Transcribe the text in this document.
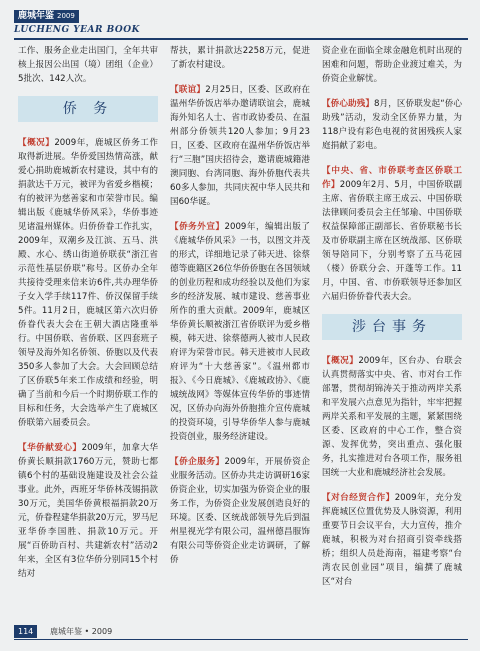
鹿城年鉴 2009
LUCHENG YEAR BOOK

工作、服务企业走出国门，全年共审核上报因公出国（境）团组（企业）5批次、142人次。

侨 务

【概况】2009年，鹿城区侨务工作取得新进展。华侨爱国热情高涨，献爱心捐助鹿城新农村建设，其中有的捐款达千万元，被评为省爱乡楷模；有的被评为慈善家和市荣誉市民。编辑出版《鹿城华侨风采》，华侨事迹见诸温州媒体。归侨侨眷工作扎实，2009年，双潮乡及江滨、五马、洪殿、水心、绣山街道侨联获“浙江省示范性基层侨联”称号。区侨办全年共接待受理来信来访6件,共办理华侨子女入学手续117件、侨汉保留手续5件。11月2日，鹿城区第六次归侨侨眷代表大会在王朝大酒店隆重举行。中国侨联、省侨联、区四套班子领导及海外知名侨领、侨胞以及代表350多人参加了大会。大会回顾总结了区侨联5年来工作成绩和经验，明确了当前和今后一个时期侨联工作的目标和任务，大会选举产生了鹿城区侨联第六届委员会。

【华侨献爱心】2009年，加拿大华侨黄长顺捐款1760万元，赞助七都镇6个村的基础设施建设及社会公益事业。此外，西班牙华侨林茂锡捐款30万元，美国华侨黄根福捐款20万元，侨眷程建华捐款20万元，罗马尼亚华侨李国胜、捐款10万元。开展“百侨助百村、共建新农村”活动2年来，全区有3位华侨分别同15个村结对

帮扶，累计捐款达2258万元，促进了新农村建设。

【联谊】2月25日，区委、区政府在温州华侨饭店举办邀请联谊会，鹿城海外知名人士、省市政协委员、在温州部分侨领共120人参加；9月23日，区委、区政府在温州华侨饭店举行“三胞”国庆招待会，邀请鹿城籍港澳同胞、台湾同胞、海外侨胞代表共60多人参加，共同庆祝中华人民共和国60华诞。

【侨务外宣】2009年，编辑出版了《鹿城华侨风采》一书，以图文并茂的形式，详细地记录了韩天进、徐蔡德等鹿籍区26位华侨侨胞在各国领域的创业历程和成功经验以及他们为家乡的经济发展、城市建设、慈善事业所作的重大贡献。2009年，鹿城区华侨黄长顺被浙江省侨联评为爱乡楷模，韩天进、徐蔡德两人被市人民政府评为荣誉市民。韩天进被市人民政府评为“十大慈善家”。《温州都市报》、《今日鹿城》、《鹿城政协》、《鹿城统战网》等媒体宣传华侨的事迹情况，区侨办向海外侨胞推介宣传鹿城的投资环境，引导华侨华人参与鹿城投资创业，服务经济建设。

【侨企服务】2009年，开展侨资企业服务活动。区侨办共走访调研16家侨资企业，切实加强为侨资企业的服务工作，为侨资企业发展创造良好的环境。区委、区统战部领导先后到温州星视光学有限公司，温州德昌服饰有限公司等侨资企业走访调研，了解侨

资企业在面临全球金融危机时出现的困难和问题，帮助企业渡过难关，为侨资企业解忧。

【侨心助残】8月，区侨联发起“侨心助残”活动，发动全区侨界力量，为118户设有彩色电视的贫困残疾人家庭捐献了彩电。

【中央、省、市侨联考查区侨联工作】2009年2月、5月，中国侨联副主席、省侨联主席王成云、中国侨联法律顾问委员会主任邹瑜、中国侨联权益保障部正副部长、省侨联秘书长及市侨联副主席在区统战部、区侨联领导陪同下，分别考察了五马花园（楼）侨联分会、开蓬等工作。11月，中国、省、市侨联领导还参加区六届归侨侨眷代表大会。

涉台事务

【概况】2009年，区台办、台联会认真贯彻落实中央、省、市对台工作部署，贯彻胡锦涛关于推动两岸关系和平发展六点意见为指针，牢牢把握两岸关系和平发展的主题，紧紧围绕区委、区政府的中心工作，整合资源、发挥优势，突出重点、强化服务，扎实推进对台各项工作，服务祖国统一大业和鹿城经济社会发展。

【对台经贸合作】2009年，充分发挥鹿城区位置优势及人脉资源，利用重要节日会议平台，大力宣传，推介鹿城，积极为对台招商引资牵线搭桥；组织人员赴海南，福建考察“台湾农民创业园”项目，编撰了鹿城区“对台

114	鹿城年鉴 • 2009
